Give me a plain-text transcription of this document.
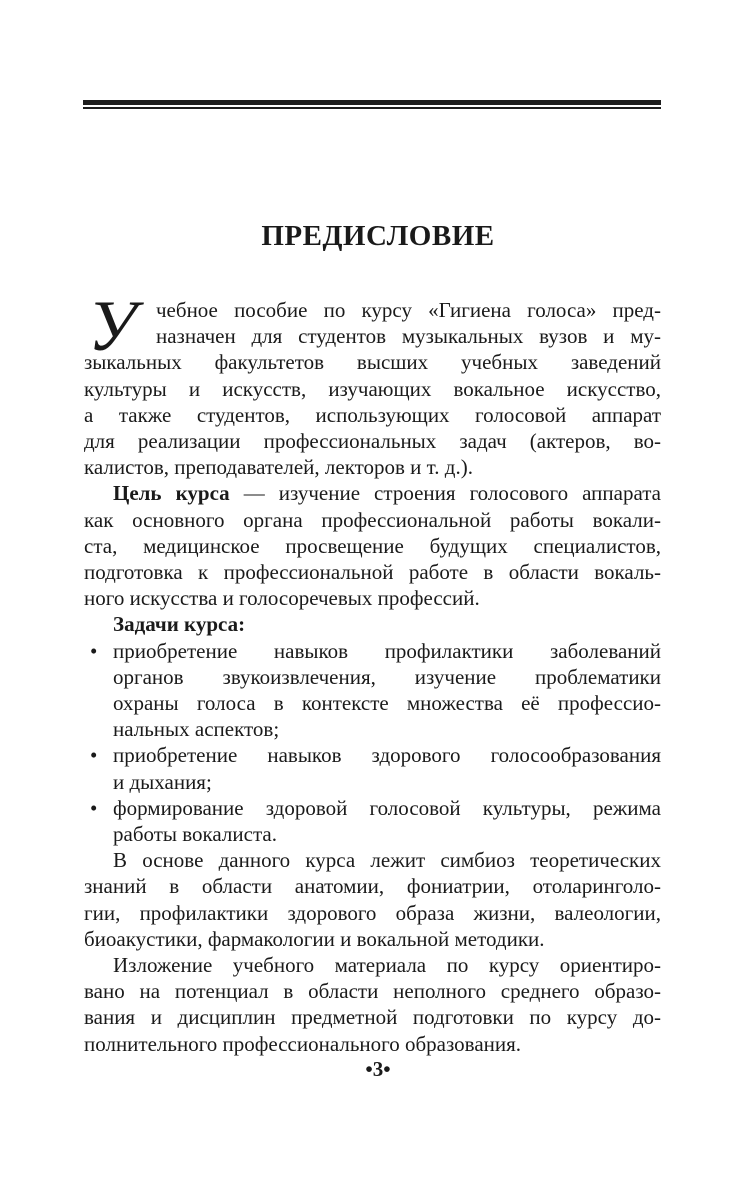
ПРЕДИСЛОВИЕ
У чебное пособие по курсу «Гигиена голоса» пред-
назначен для студентов музыкальных вузов и му-
зыкальных факультетов высших учебных заведений
культуры и искусств, изучающих вокальное искусство,
а также студентов, использующих голосовой аппарат
для реализации профессиональных задач (актеров, во-
калистов, преподавателей, лекторов и т. д.).
Цель курса — изучение строения голосового аппарата
как основного органа профессиональной работы вокали-
ста, медицинское просвещение будущих специалистов,
подготовка к профессиональной работе в области вокаль-
ного искусства и голосоречевых профессий.
Задачи курса:
• приобретение навыков профилактики заболеваний
органов звукоизвлечения, изучение проблематики
охраны голоса в контексте множества её профессио-
нальных аспектов;
• приобретение навыков здорового голосообразования
и дыхания;
• формирование здоровой голосовой культуры, режима
работы вокалиста.
В основе данного курса лежит симбиоз теоретических
знаний в области анатомии, фониатрии, отоларинголо-
гии, профилактики здорового образа жизни, валеологии,
биоакустики, фармакологии и вокальной методики.
Изложение учебного материала по курсу ориентиро-
вано на потенциал в области неполного среднего образо-
вания и дисциплин предметной подготовки по курсу до-
полнительного профессионального образования.
•3•
